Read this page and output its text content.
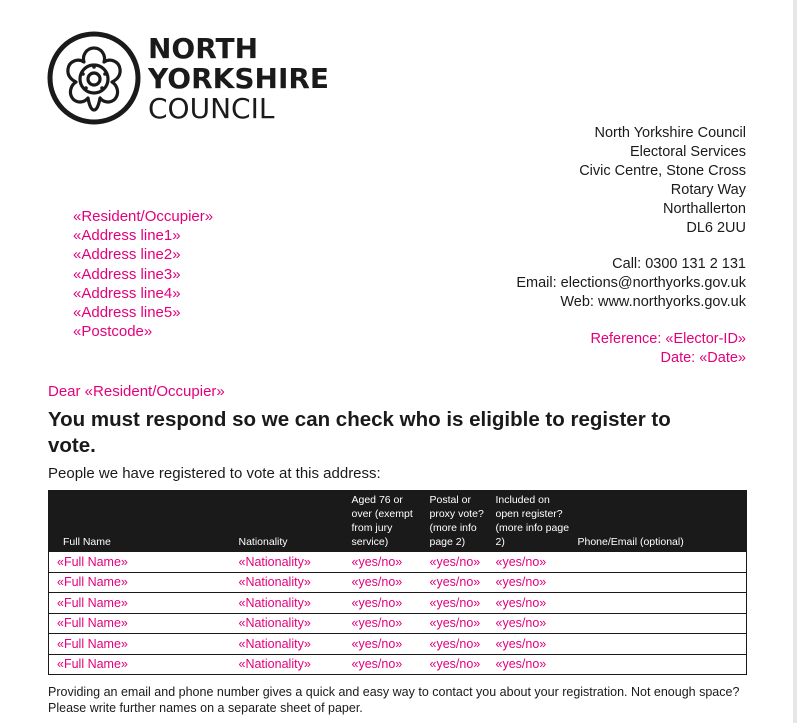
NORTH
YORKSHIRE
COUNCIL
North Yorkshire Council
Electoral Services
Civic Centre, Stone Cross
Rotary Way
Northallerton
DL6 2UU
Call: 0300 131 2 131
Email: elections@northyorks.gov.uk
Web: www.northyorks.gov.uk
Reference: «Elector-ID»
Date: «Date»
«Resident/Occupier»
«Address line1»
«Address line2»
«Address line3»
«Address line4»
«Address line5»
«Postcode»
Dear «Resident/Occupier»
You must respond so we can check who is eligible to register to vote.
People we have registered to vote at this address:
Full Name	Nationality	Aged 76 or over (exempt from jury service)	Postal or proxy vote? (more info page 2)	Included on open register? (more info page 2)	Phone/Email (optional)
«Full Name»	«Nationality»	«yes/no»	«yes/no»	«yes/no»	
«Full Name»	«Nationality»	«yes/no»	«yes/no»	«yes/no»	
«Full Name»	«Nationality»	«yes/no»	«yes/no»	«yes/no»	
«Full Name»	«Nationality»	«yes/no»	«yes/no»	«yes/no»	
«Full Name»	«Nationality»	«yes/no»	«yes/no»	«yes/no»	
«Full Name»	«Nationality»	«yes/no»	«yes/no»	«yes/no»	
Providing an email and phone number gives a quick and easy way to contact you about your registration. Not enough space? Please write further names on a separate sheet of paper.
